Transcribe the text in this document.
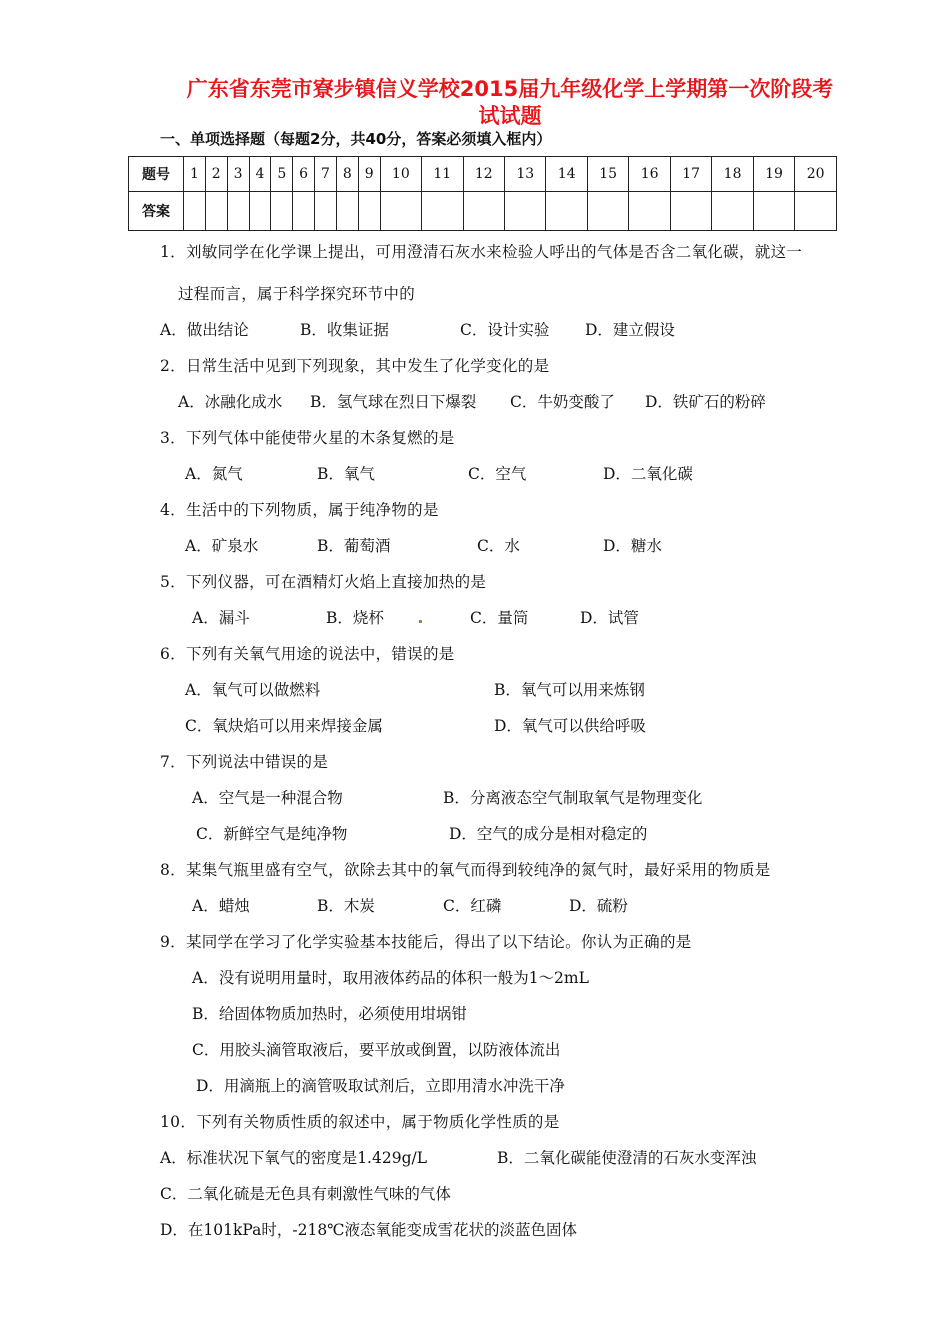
广东省东莞市寮步镇信义学校2015届九年级化学上学期第一次阶段考
试试题
一、单项选择题（每题2分，共40分，答案必须填入框内）
题号	1	2	3	4	5	6	7	8	9	10	11	12	13	14	15	16	17	18	19	20
答案																				
1．刘敏同学在化学课上提出，可用澄清石灰水来检验人呼出的气体是否含二氧化碳，就这一
过程而言，属于科学探究环节中的
A．做出结论	B．收集证据	C．设计实验 D．建立假设
2．日常生活中见到下列现象，其中发生了化学变化的是
A．冰融化成水 B．氢气球在烈日下爆裂 C．牛奶变酸了 D．铁矿石的粉碎
3．下列气体中能使带火星的木条复燃的是
A．氮气	B．氧气	C．空气	D．二氧化碳
4．生活中的下列物质，属于纯净物的是
A．矿泉水	B．葡萄酒	C．水	D．糖水
5．下列仪器，可在酒精灯火焰上直接加热的是
A．漏斗	B．烧杯	C．量筒	D．试管
6．下列有关氧气用途的说法中，错误的是
A．氧气可以做燃料	B．氧气可以用来炼钢
C．氧炔焰可以用来焊接金属	D．氧气可以供给呼吸
7．下列说法中错误的是
A．空气是一种混合物	B．分离液态空气制取氧气是物理变化
C．新鲜空气是纯净物	D．空气的成分是相对稳定的
8．某集气瓶里盛有空气，欲除去其中的氧气而得到较纯净的氮气时，最好采用的物质是
A．蜡烛	B．木炭	C．红磷	D．硫粉
9．某同学在学习了化学实验基本技能后，得出了以下结论。你认为正确的是
A．没有说明用量时，取用液体药品的体积一般为1～2mL
B．给固体物质加热时，必须使用坩埚钳
C．用胶头滴管取液后，要平放或倒置，以防液体流出
D．用滴瓶上的滴管吸取试剂后，立即用清水冲洗干净
10．下列有关物质性质的叙述中，属于物质化学性质的是
A．标准状况下氧气的密度是1.429g/L	B．二氧化碳能使澄清的石灰水变浑浊
C．二氧化硫是无色具有刺激性气味的气体
D．在101kPa时，-218℃液态氧能变成雪花状的淡蓝色固体
